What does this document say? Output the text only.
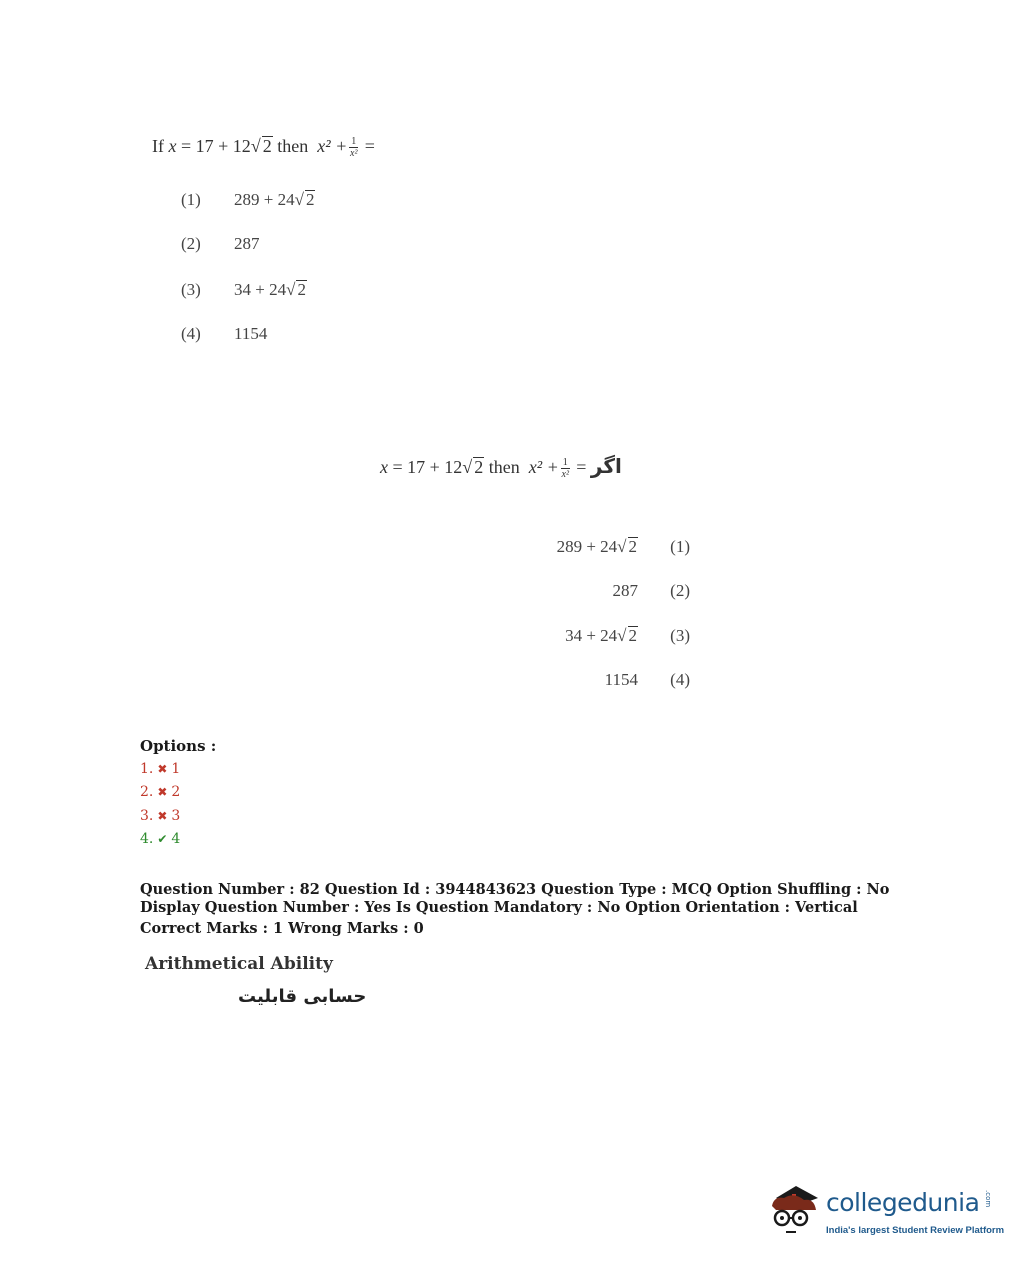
If x = 17 + 12√ 2 then $x^2 + \frac{1}{\text{x²}}$ =
(1) 289 + 24√ 2
(2) 287
(3) 34 + 24√ 2
(4) 1154
x = 17 + 12√ 2 then $x^2 + \frac{1}{\text{x²}}$ = اگر
289 + 24√ 2 (1)
287 (2)
34 + 24√ 2 (3)
1154 (4)
Options :
1. ✖ 1
2. ✖ 2
3. ✖ 3
4. ✔ 4
Question Number : 82 Question Id : 3944843623 Question Type : MCQ Option Shuffling : No Display Question Number : Yes Is Question Mandatory : No Option Orientation : Vertical
Correct Marks : 1 Wrong Marks : 0
Arithmetical Ability
حسابی قابلیت
collegedunia .com
India's largest Student Review Platform
